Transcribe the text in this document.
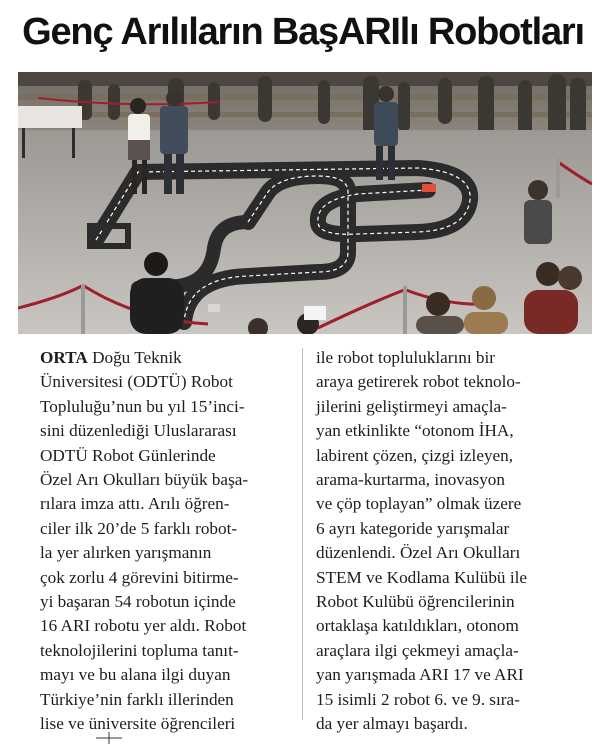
Genç Arılıların BaşARIlı Robotları

ORTA Doğu Teknik
Üniversitesi (ODTÜ) Robot
Topluluğu’nun bu yıl 15’inci-
sini düzenlediği Uluslararası
ODTÜ Robot Günlerinde
Özel Arı Okulları büyük başa-
rılara imza attı. Arılı öğren-
ciler ilk 20’de 5 farklı robot-
la yer alırken yarışmanın
çok zorlu 4 görevini bitirme-
yi başaran 54 robotun içinde
16 ARI robotu yer aldı. Robot
teknolojilerini topluma tanıt-
mayı ve bu alana ilgi duyan
Türkiye’nin farklı illerinden
lise ve üniversite öğrencileri

ile robot topluluklarını bir
araya getirerek robot teknolo-
jilerini geliştirmeyi amaçla-
yan etkinlikte “otonom İHA,
labirent çözen, çizgi izleyen,
arama-kurtarma, inovasyon
ve çöp toplayan” olmak üzere
6 ayrı kategoride yarışmalar
düzenlendi. Özel Arı Okulları
STEM ve Kodlama Kulübü ile
Robot Kulübü öğrencilerinin
ortaklaşa katıldıkları, otonom
araçlara ilgi çekmeyi amaçla-
yan yarışmada ARI 17 ve ARI
15 isimli 2 robot 6. ve 9. sıra-
da yer almayı başardı.
